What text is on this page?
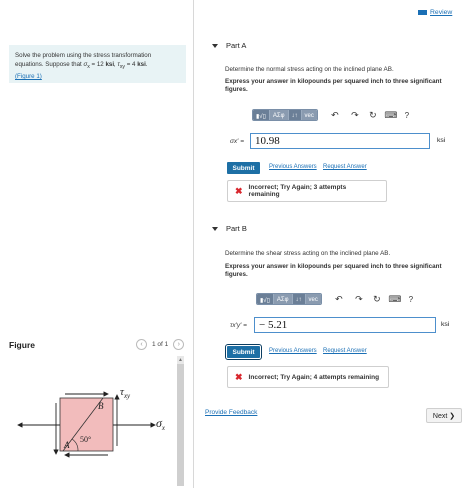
Solve the problem using the stress transformation equations. Suppose that $\sigma_x = 12$ ksi, $\tau_{xy} = 4$ ksi.
(Figure 1)
Figure	‹	1 of 1	›
B
A
50°
$\tau_{xy}$
$\sigma_x$
▲
Review
Part A
Determine the normal stress acting on the inclined plane AB.
Express your answer in kilopounds per squared inch to three significant figures.
▮√▯	ΑΣφ	↓↑	vec	↶	↷	↻ ⌨ ?
σx′ =	10.98	ksi
Submit	Previous Answers Request Answer
✖ Incorrect; Try Again; 3 attempts remaining
Part B
Determine the shear stress acting on the inclined plane AB.
Express your answer in kilopounds per squared inch to three significant figures.
▮√▯	ΑΣφ	↓↑	vec	↶	↷	↻ ⌨ ?
τx′y′ =	− 5.21	ksi
Submit	Previous Answers Request Answer
✖ Incorrect; Try Again; 4 attempts remaining
Provide Feedback	Next ❯
